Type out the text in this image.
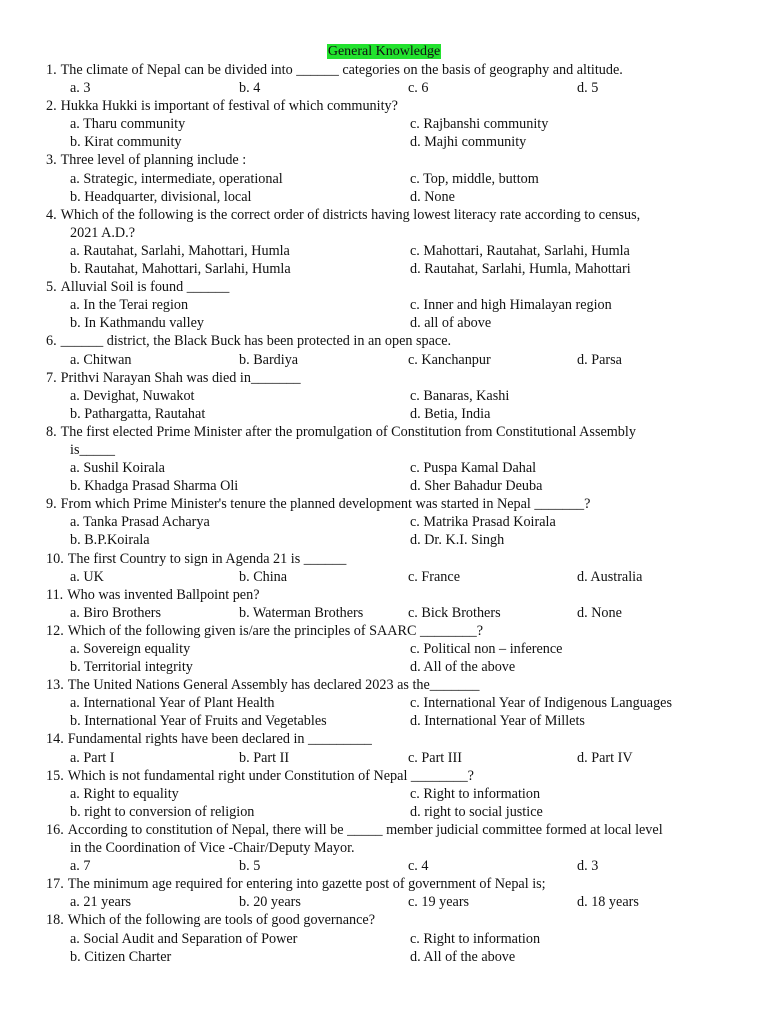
General Knowledge
1. The climate of Nepal can be divided into ______ categories on the basis of geography and altitude.
a. 3	b. 4	c. 6	d. 5
2. Hukka Hukki is important of festival of which community?
a. Tharu community	c. Rajbanshi community
b. Kirat community	d. Majhi community
3. Three level of planning include :
a. Strategic, intermediate, operational	c. Top, middle, buttom
b. Headquarter, divisional, local	d. None
4. Which of the following is the correct order of districts having lowest literacy rate according to census,
2021 A.D.?
a. Rautahat, Sarlahi, Mahottari, Humla	c. Mahottari, Rautahat, Sarlahi, Humla
b. Rautahat, Mahottari, Sarlahi, Humla	d. Rautahat, Sarlahi, Humla, Mahottari
5. Alluvial Soil is found ______
a. In the Terai region	c. Inner and high Himalayan region
b. In Kathmandu valley	d. all of above
6. ______ district, the Black Buck has been protected in an open space.
a. Chitwan	b. Bardiya	c. Kanchanpur	d. Parsa
7. Prithvi Narayan Shah was died in_______
a. Devighat, Nuwakot	c. Banaras, Kashi
b. Pathargatta, Rautahat	d. Betia, India
8. The first elected Prime Minister after the promulgation of Constitution from Constitutional Assembly
is_____
a. Sushil Koirala	c. Puspa Kamal Dahal
b. Khadga Prasad Sharma Oli	d. Sher Bahadur Deuba
9. From which Prime Minister's tenure the planned development was started in Nepal _______?
a. Tanka Prasad Acharya	c. Matrika Prasad Koirala
b. B.P.Koirala	d. Dr. K.I. Singh
10. The first Country to sign in Agenda 21 is ______
a. UK	b. China	c. France	d. Australia
11. Who was invented Ballpoint pen?
a. Biro Brothers	b. Waterman Brothers	c. Bick Brothers	d. None
12. Which of the following given is/are the principles of SAARC ________?
a. Sovereign equality	c. Political non – inference
b. Territorial integrity	d. All of the above
13. The United Nations General Assembly has declared 2023 as the_______
a. International Year of Plant Health	c. International Year of Indigenous Languages
b. International Year of Fruits and Vegetables	d. International Year of Millets
14. Fundamental rights have been declared in _________
a. Part I	b. Part II	c. Part III	d. Part IV
15. Which is not fundamental right under Constitution of Nepal ________?
a. Right to equality	c. Right to information
b. right to conversion of religion	d. right to social justice
16. According to constitution of Nepal, there will be _____ member judicial committee formed at local level
in the Coordination of Vice -Chair/Deputy Mayor.
a. 7	b. 5	c. 4	d. 3
17. The minimum age required for entering into gazette post of government of Nepal is;
a. 21 years	b. 20 years	c. 19 years	d. 18 years
18. Which of the following are tools of good governance?
a. Social Audit and Separation of Power	c. Right to information
b. Citizen Charter	d. All of the above
